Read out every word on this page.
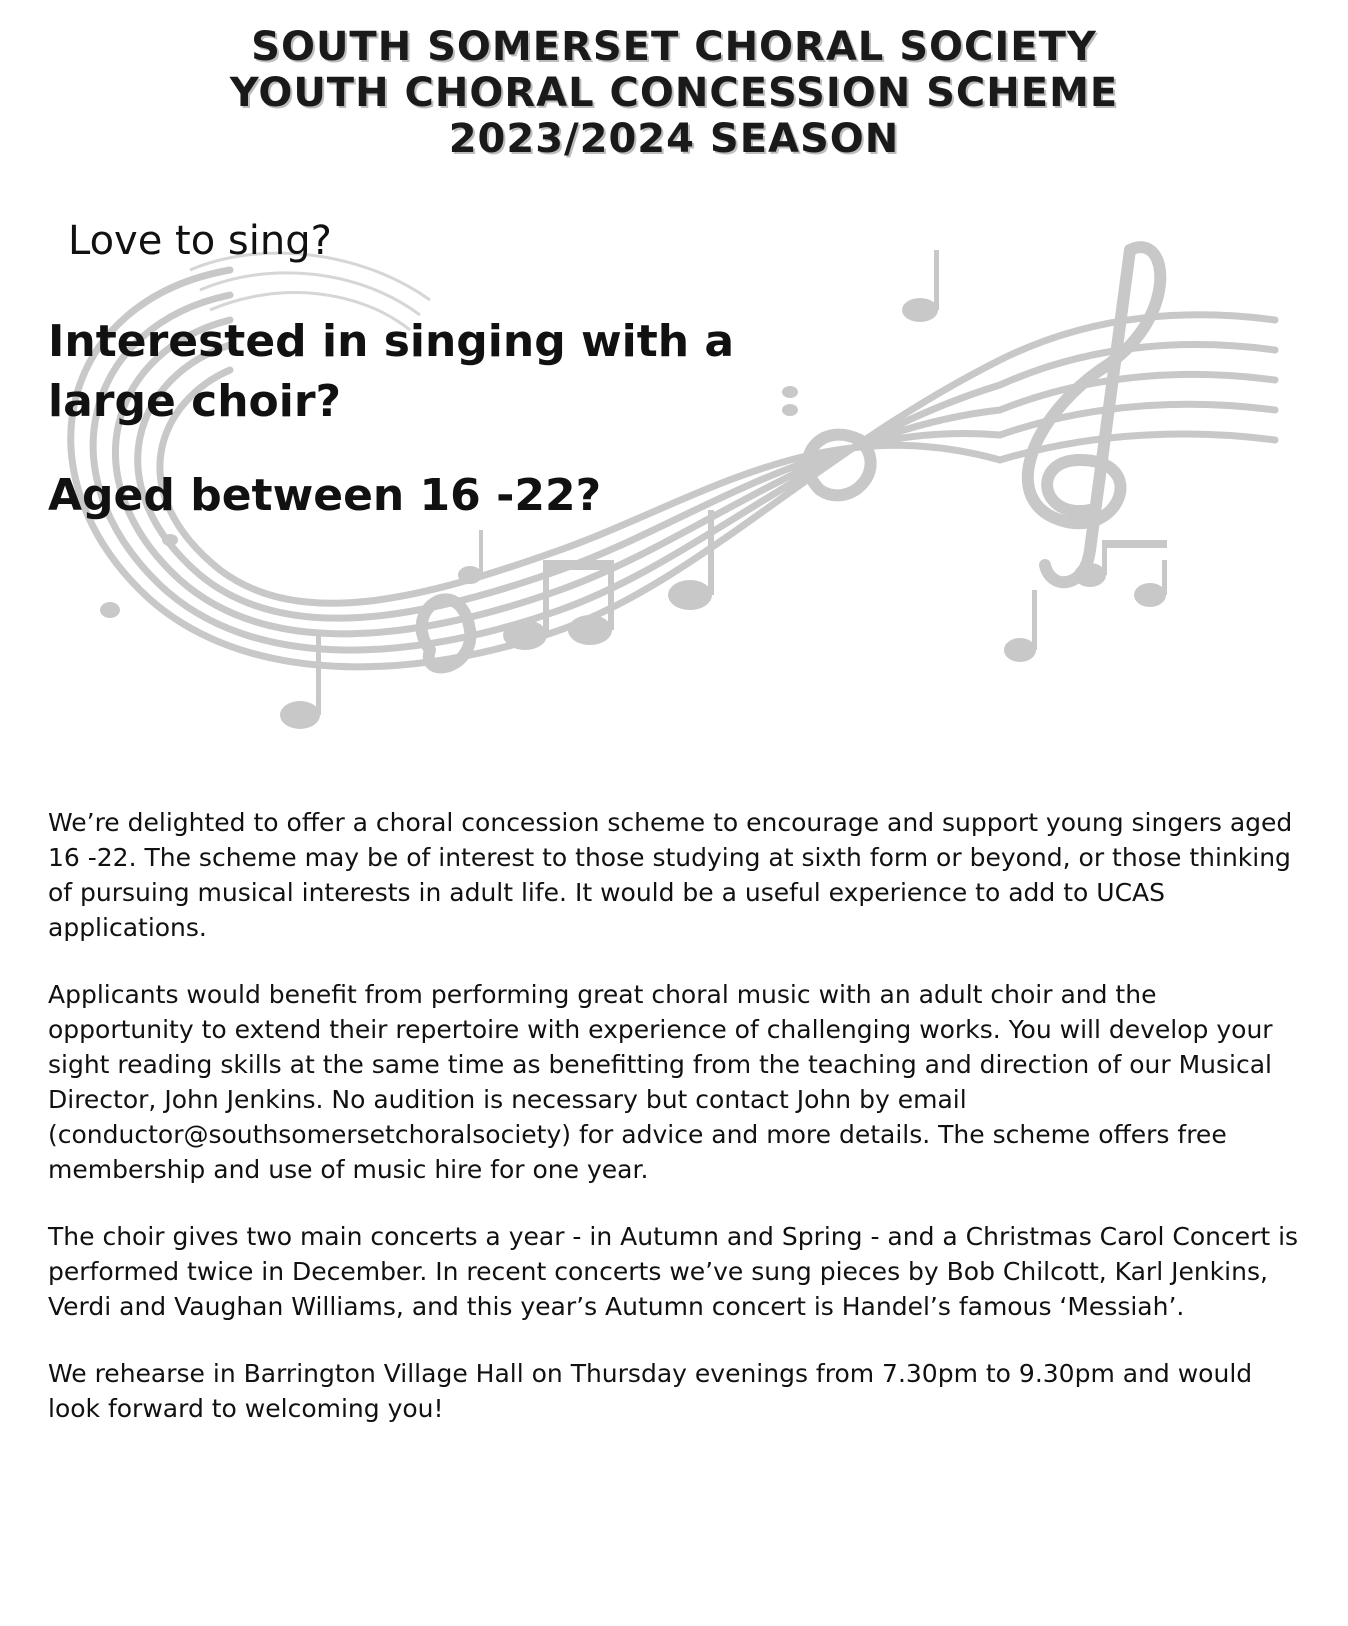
SOUTH SOMERSET CHORAL SOCIETY
YOUTH CHORAL CONCESSION SCHEME
2023/2024 SEASON
Love to sing?
Interested in singing with a large choir?
Aged between 16 -22?

We’re delighted to offer a choral concession scheme to encourage and support young singers aged 16 -22. The scheme may be of interest to those studying at sixth form or beyond, or those thinking of pursuing musical interests in adult life. It would be a useful experience to add to UCAS applications.

Applicants would benefit from performing great choral music with an adult choir and the opportunity to extend their repertoire with experience of challenging works. You will develop your sight reading skills at the same time as benefitting from the teaching and direction of our Musical Director, John Jenkins. No audition is necessary but contact John by email (conductor@southsomersetchoralsociety) for advice and more details. The scheme offers free membership and use of music hire for one year.

The choir gives two main concerts a year - in Autumn and Spring - and a Christmas Carol Concert is performed twice in December. In recent concerts we’ve sung pieces by Bob Chilcott, Karl Jenkins, Verdi and Vaughan Williams, and this year’s Autumn concert is Handel’s famous ‘Messiah’.

We rehearse in Barrington Village Hall on Thursday evenings from 7.30pm to 9.30pm and would look forward to welcoming you!
